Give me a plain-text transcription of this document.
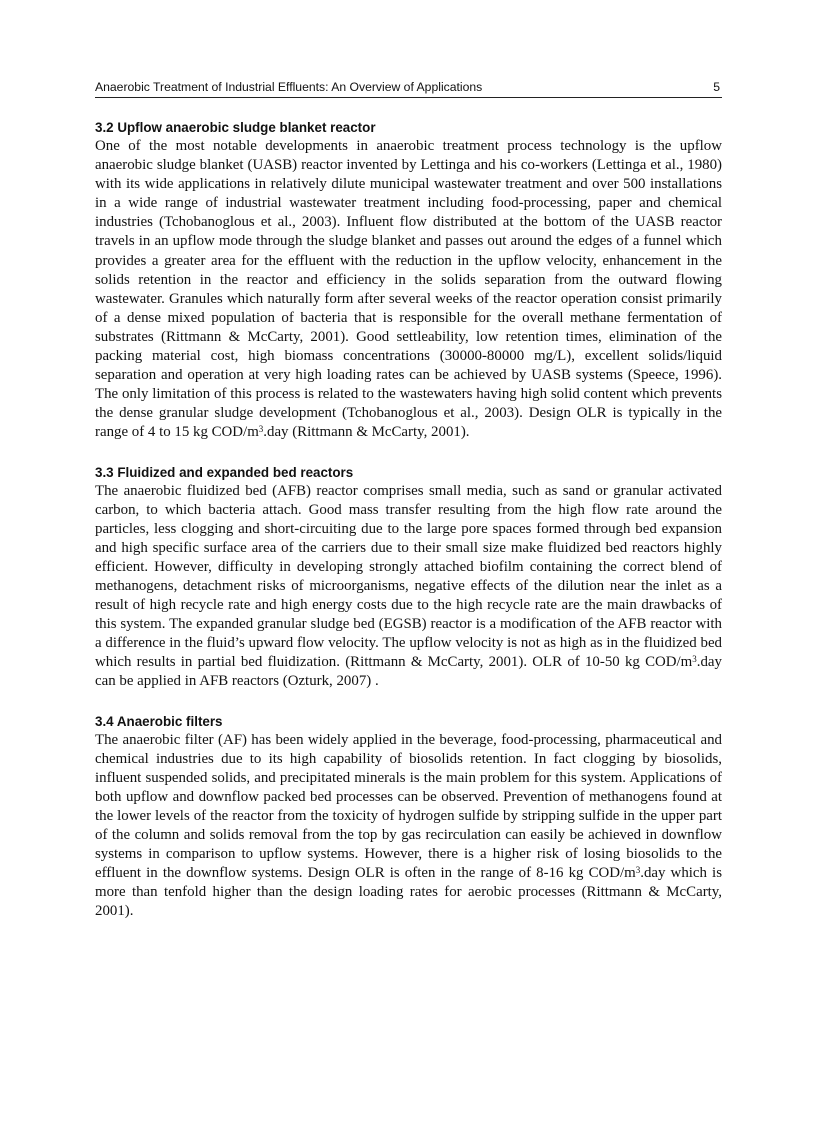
Anaerobic Treatment of Industrial Effluents: An Overview of Applications	5
3.2 Upflow anaerobic sludge blanket reactor

One of the most notable developments in anaerobic treatment process technology is the upflow anaerobic sludge blanket (UASB) reactor invented by Lettinga and his co-workers (Lettinga et al., 1980) with its wide applications in relatively dilute municipal wastewater treatment and over 500 installations in a wide range of industrial wastewater treatment including food-processing, paper and chemical industries (Tchobanoglous et al., 2003). Influent flow distributed at the bottom of the UASB reactor travels in an upflow mode through the sludge blanket and passes out around the edges of a funnel which provides a greater area for the effluent with the reduction in the upflow velocity, enhancement in the solids retention in the reactor and efficiency in the solids separation from the outward flowing wastewater. Granules which naturally form after several weeks of the reactor operation consist primarily of a dense mixed population of bacteria that is responsible for the overall methane fermentation of substrates (Rittmann & McCarty, 2001). Good settleability, low retention times, elimination of the packing material cost, high biomass concentrations (30000-80000 mg/L), excellent solids/liquid separation and operation at very high loading rates can be achieved by UASB systems (Speece, 1996). The only limitation of this process is related to the wastewaters having high solid content which prevents the dense granular sludge development (Tchobanoglous et al., 2003). Design OLR is typically in the range of 4 to 15 kg COD/$m^3.day$ (Rittmann & McCarty, 2001).

3.3 Fluidized and expanded bed reactors

The anaerobic fluidized bed (AFB) reactor comprises small media, such as sand or granular activated carbon, to which bacteria attach. Good mass transfer resulting from the high flow rate around the particles, less clogging and short-circuiting due to the large pore spaces formed through bed expansion and high specific surface area of the carriers due to their small size make fluidized bed reactors highly efficient. However, difficulty in developing strongly attached biofilm containing the correct blend of methanogens, detachment risks of microorganisms, negative effects of the dilution near the inlet as a result of high recycle rate and high energy costs due to the high recycle rate are the main drawbacks of this system. The expanded granular sludge bed (EGSB) reactor is a modification of the AFB reactor with a difference in the fluid’s upward flow velocity. The upflow velocity is not as high as in the fluidized bed which results in partial bed fluidization. (Rittmann & McCarty, 2001). OLR of 10-50 kg COD/$m^3.day$ can be applied in AFB reactors (Ozturk, 2007) .

3.4 Anaerobic filters

The anaerobic filter (AF) has been widely applied in the beverage, food-processing, pharmaceutical and chemical industries due to its high capability of biosolids retention. In fact clogging by biosolids, influent suspended solids, and precipitated minerals is the main problem for this system. Applications of both upflow and downflow packed bed processes can be observed. Prevention of methanogens found at the lower levels of the reactor from the toxicity of hydrogen sulfide by stripping sulfide in the upper part of the column and solids removal from the top by gas recirculation can easily be achieved in downflow systems in comparison to upflow systems. However, there is a higher risk of losing biosolids to the effluent in the downflow systems. Design OLR is often in the range of 8-16 kg COD/$m^3.day$ which is more than tenfold higher than the design loading rates for aerobic processes (Rittmann & McCarty, 2001).
